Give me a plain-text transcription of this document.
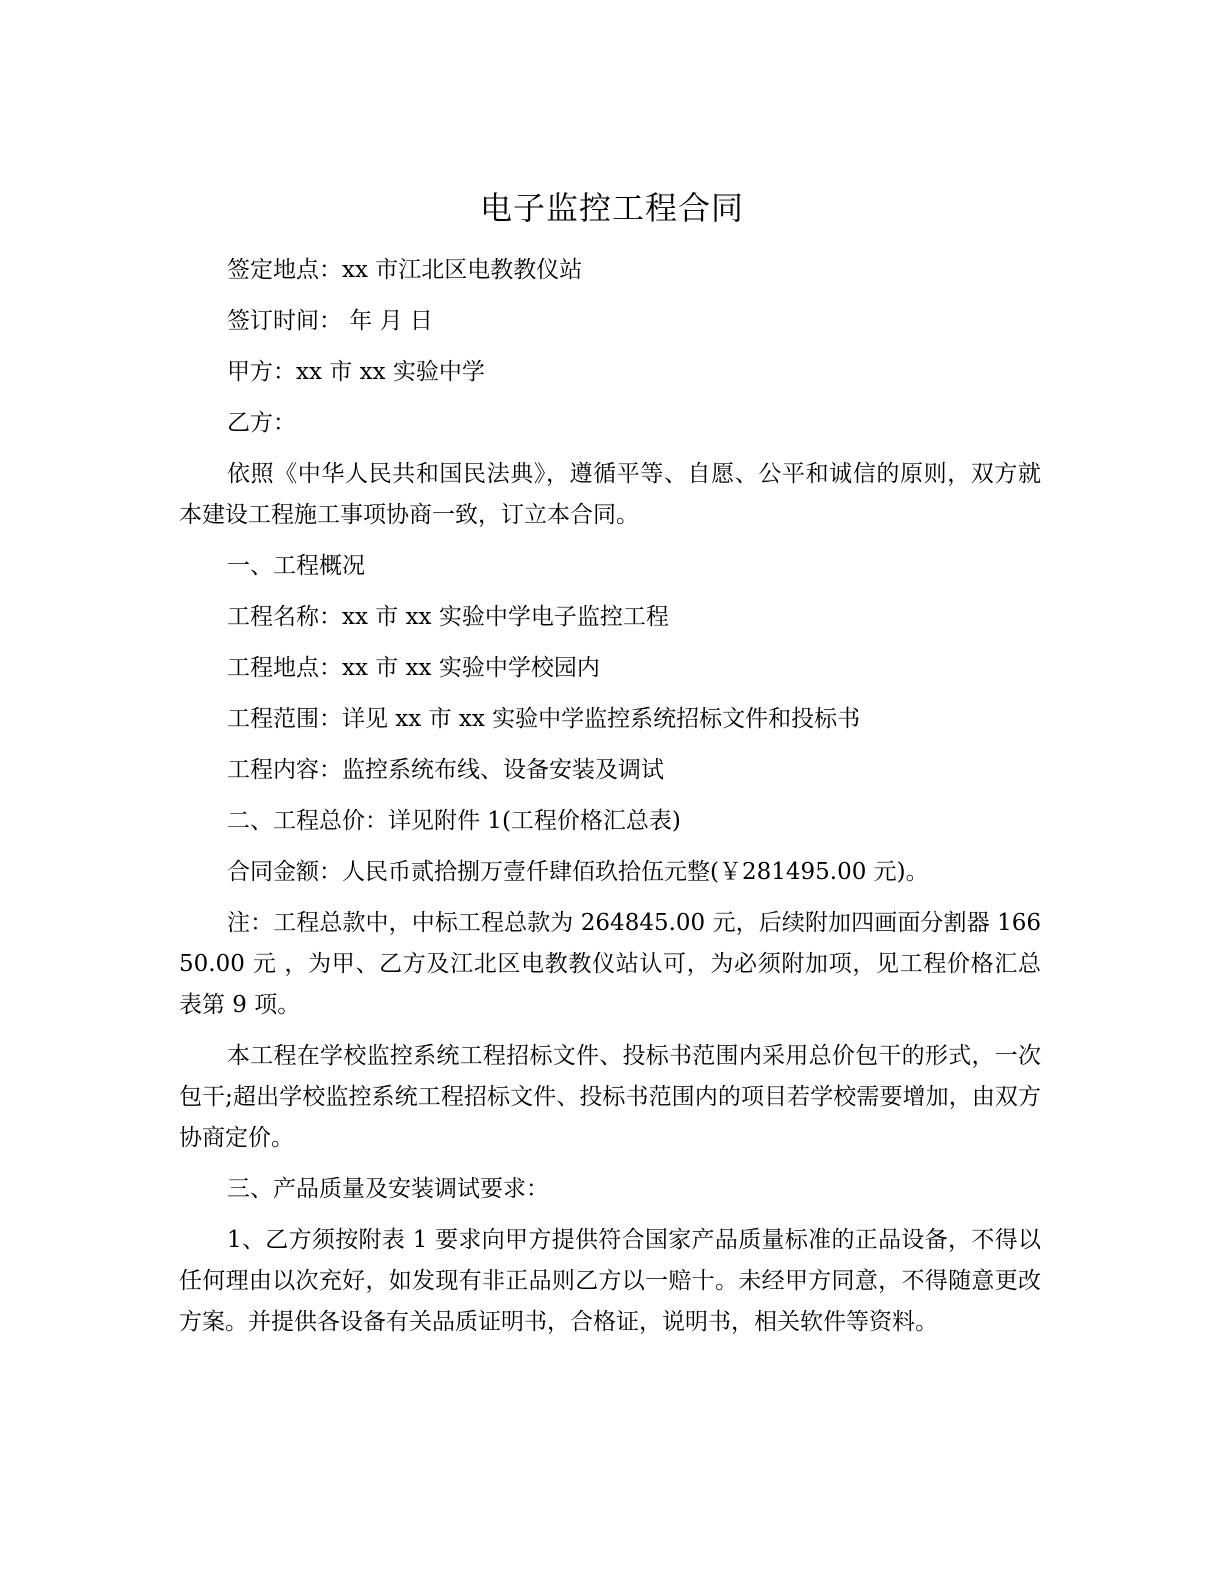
电子监控工程合同

签定地点：xx 市江北区电教教仪站

签订时间： 年 月 日

甲方：xx 市 xx 实验中学

乙方：

依照《中华人民共和国民法典》，遵循平等、自愿、公平和诚信的原则，双方就本建设工程施工事项协商一致，订立本合同。

一、工程概况

工程名称：xx 市 xx 实验中学电子监控工程

工程地点：xx 市 xx 实验中学校园内

工程范围：详见 xx 市 xx 实验中学监控系统招标文件和投标书

工程内容：监控系统布线、设备安装及调试

二、工程总价：详见附件 1(工程价格汇总表)

合同金额：人民币贰拾捌万壹仟肆佰玖拾伍元整(￥281495.00 元)。

注：工程总款中，中标工程总款为 264845.00 元，后续附加四画面分割器 16650.00 元 ，为甲、乙方及江北区电教教仪站认可，为必须附加项，见工程价格汇总表第 9 项。

本工程在学校监控系统工程招标文件、投标书范围内采用总价包干的形式，一次包干;超出学校监控系统工程招标文件、投标书范围内的项目若学校需要增加，由双方协商定价。

三、产品质量及安装调试要求：

1、乙方须按附表 1 要求向甲方提供符合国家产品质量标准的正品设备，不得以任何理由以次充好，如发现有非正品则乙方以一赔十。未经甲方同意，不得随意更改方案。并提供各设备有关品质证明书，合格证，说明书，相关软件等资料。
